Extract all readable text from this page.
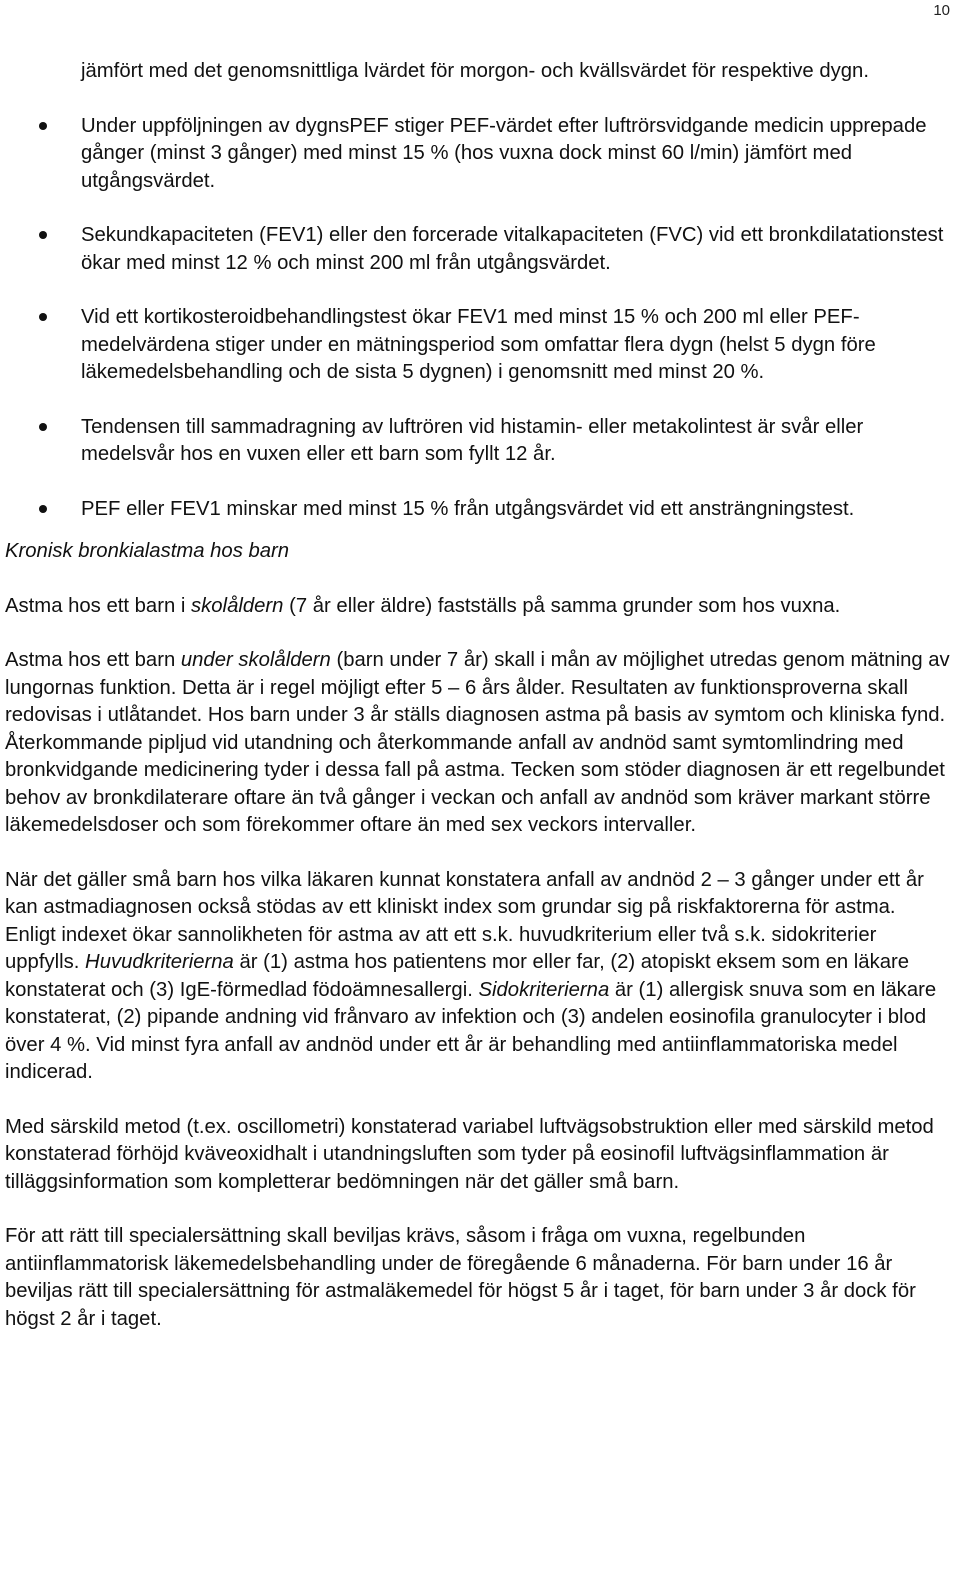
10

jämfört med det genomsnittliga lvärdet för morgon- och kvällsvärdet för respektive dygn.

Under uppföljningen av dygnsPEF stiger PEF-värdet efter luftrörsvidgande medicin upprepade gånger (minst 3 gånger) med minst 15 % (hos vuxna dock minst 60 l/min) jämfört med utgångsvärdet.
Sekundkapaciteten (FEV1) eller den forcerade vitalkapaciteten (FVC) vid ett bronkdilatationstest ökar med minst 12 % och minst 200 ml från utgångsvärdet.
Vid ett kortikosteroidbehandlingstest ökar FEV1 med minst 15 % och 200 ml eller PEF-medelvärdena stiger under en mätningsperiod som omfattar flera dygn (helst 5 dygn före läkemedelsbehandling och de sista 5 dygnen) i genomsnitt med minst 20 %.
Tendensen till sammadragning av luftrören vid histamin- eller metakolintest är svår eller medelsvår hos en vuxen eller ett barn som fyllt 12 år.
PEF eller FEV1 minskar med minst 15 % från utgångsvärdet vid ett ansträngningstest.

Kronisk bronkialastma hos barn

Astma hos ett barn i skolåldern (7 år eller äldre) fastställs på samma grunder som hos vuxna.

Astma hos ett barn under skolåldern (barn under 7 år) skall i mån av möjlighet utredas genom mätning av lungornas funktion. Detta är i regel möjligt efter 5 – 6 års ålder. Resultaten av funktionsproverna skall redovisas i utlåtandet. Hos barn under 3 år ställs diagnosen astma på basis av symtom och kliniska fynd. Återkommande pipljud vid utandning och återkommande anfall av andnöd samt symtomlindring med bronkvidgande medicinering tyder i dessa fall på astma. Tecken som stöder diagnosen är ett regelbundet behov av bronkdilaterare oftare än två gånger i veckan och anfall av andnöd som kräver markant större läkemedelsdoser och som förekommer oftare än med sex veckors intervaller.

När det gäller små barn hos vilka läkaren kunnat konstatera anfall av andnöd 2 – 3 gånger under ett år kan astmadiagnosen också stödas av ett kliniskt index som grundar sig på riskfaktorerna för astma. Enligt indexet ökar sannolikheten för astma av att ett s.k. huvudkriterium eller två s.k. sidokriterier uppfylls. Huvudkriterierna är (1) astma hos patientens mor eller far, (2) atopiskt eksem som en läkare konstaterat och (3) IgE-förmedlad födoämnesallergi. Sidokriterierna är (1) allergisk snuva som en läkare konstaterat, (2) pipande andning vid frånvaro av infektion och (3) andelen eosinofila granulocyter i blod över 4 %. Vid minst fyra anfall av andnöd under ett år är behandling med antiinflammatoriska medel indicerad.

Med särskild metod (t.ex. oscillometri) konstaterad variabel luftvägsobstruktion eller med särskild metod konstaterad förhöjd kväveoxidhalt i utandningsluften som tyder på eosinofil luftvägsinflammation är tilläggsinformation som kompletterar bedömningen när det gäller små barn.

För att rätt till specialersättning skall beviljas krävs, såsom i fråga om vuxna, regelbunden antiinflammatorisk läkemedelsbehandling under de föregående 6 månaderna. För barn under 16 år beviljas rätt till specialersättning för astmaläkemedel för högst 5 år i taget, för barn under 3 år dock för högst 2 år i taget.
